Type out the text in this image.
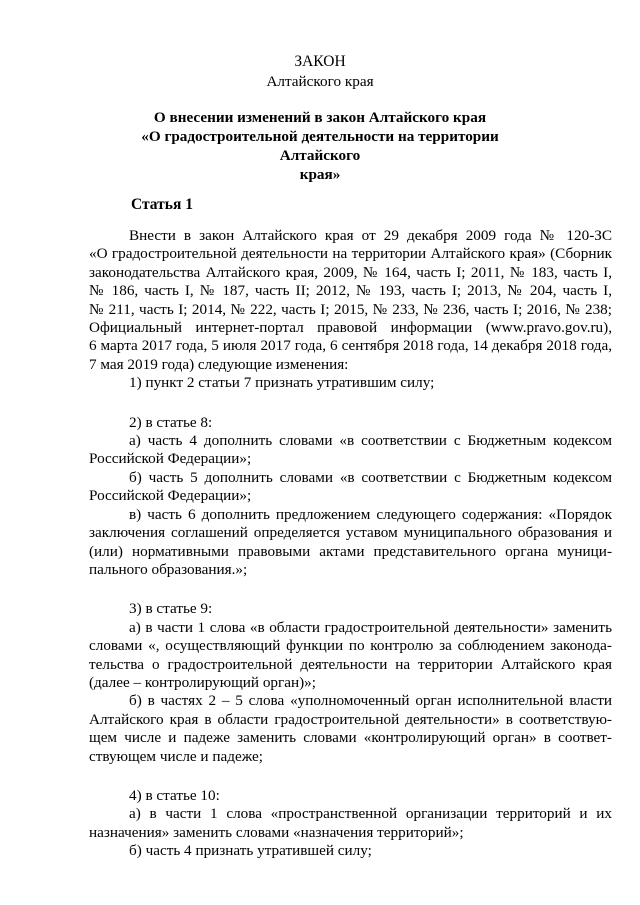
ЗАКОН
Алтайского края
О внесении изменений в закон Алтайского края
«О градостроительной деятельности на территории Алтайского
края»
Статья 1

Внести в закон Алтайского края от 29 декабря 2009 года № 120-ЗС

«О градостроительной деятельности на территории Алтайского края» (Сборник

законодательства Алтайского края, 2009, № 164, часть I; 2011, № 183, часть I,

№ 186, часть I, № 187, часть II; 2012, № 193, часть I; 2013, № 204, часть I,

№ 211, часть I; 2014, № 222, часть I; 2015, № 233, № 236, часть I; 2016, № 238;

Официальный интернет-портал правовой информации (www.pravo.gov.ru),

6 марта 2017 года, 5 июля 2017 года, 6 сентября 2018 года, 14 декабря 2018 года,

7 мая 2019 года) следующие изменения:

1) пункт 2 статьи 7 признать утратившим силу;

2) в статье 8:

а) часть 4 дополнить словами «в соответствии с Бюджетным кодексом

Российской Федерации»;

б) часть 5 дополнить словами «в соответствии с Бюджетным кодексом

Российской Федерации»;

в) часть 6 дополнить предложением следующего содержания: «Порядок

заключения соглашений определяется уставом муниципального образования и

(или) нормативными правовыми актами представительного органа муници-

пального образования.»;

3) в статье 9:

а) в части 1 слова «в области градостроительной деятельности» заменить

словами «, осуществляющий функции по контролю за соблюдением законода-

тельства о градостроительной деятельности на территории Алтайского края

(далее – контролирующий орган)»;

б) в частях 2 – 5 слова «уполномоченный орган исполнительной власти

Алтайского края в области градостроительной деятельности» в соответствую-

щем числе и падеже заменить словами «контролирующий орган» в соответ-

ствующем числе и падеже;

4) в статье 10:

а) в части 1 слова «пространственной организации территорий и их

назначения» заменить словами «назначения территорий»;

б) часть 4 признать утратившей силу;
